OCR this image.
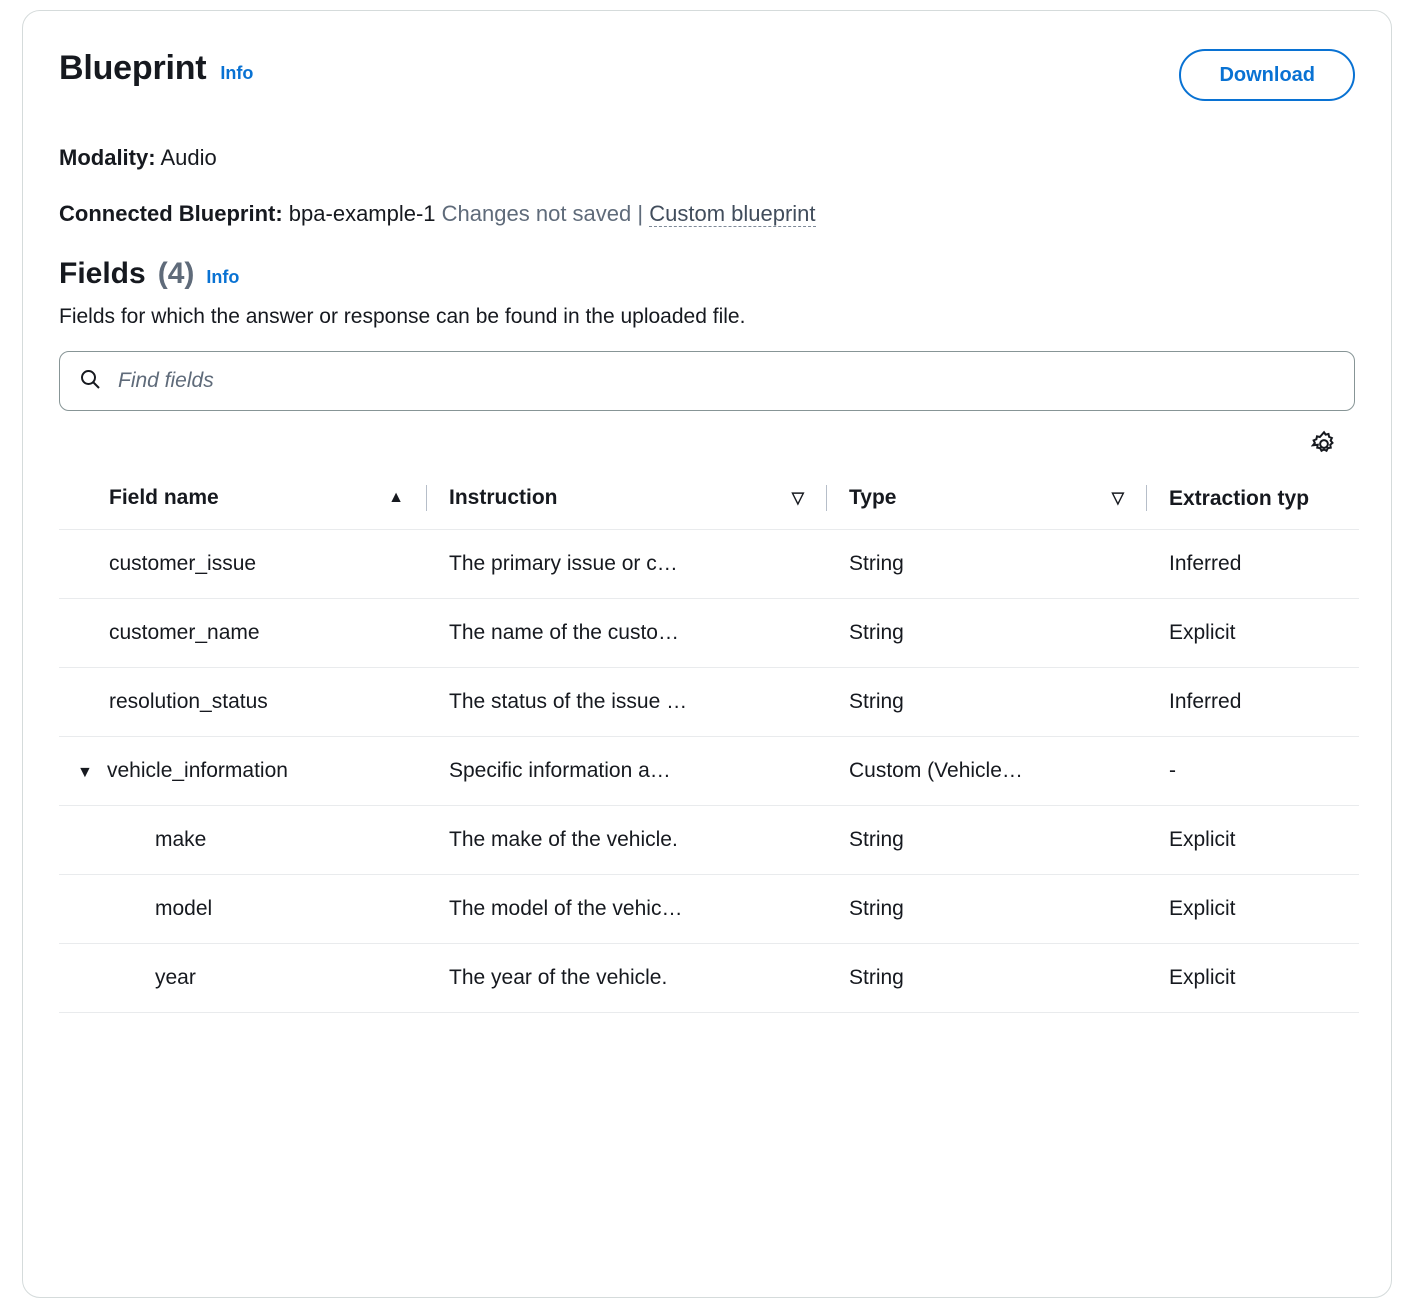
Blueprint Info	Download
Modality: Audio
Connected Blueprint: bpa-example-1 Changes not saved | Custom blueprint
Fields (4) Info
Fields for which the answer or response can be found in the uploaded file.
Find fields
Field name ▲	Instruction ▽	Type ▽	Extraction typ

customer_issue	The primary issue or c…	String	Inferred
customer_name	The name of the custo…	String	Explicit
resolution_status	The status of the issue …	String	Inferred
▼ vehicle_information	Specific information a…	Custom (Vehicle…	-
make	The make of the vehicle.	String	Explicit
model	The model of the vehic…	String	Explicit
year	The year of the vehicle.	String	Explicit
